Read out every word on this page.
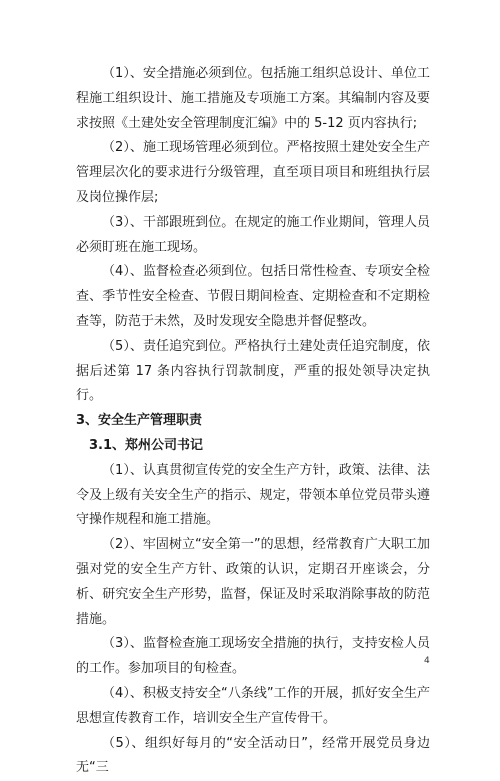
（1）、安全措施必须到位。包括施工组织总设计、单位工程施工组织设计、施工措施及专项施工方案。其编制内容及要求按照《土建处安全管理制度汇编》中的 5-12 页内容执行;

（2）、施工现场管理必须到位。严格按照土建处安全生产管理层次化的要求进行分级管理，直至项目项目和班组执行层及岗位操作层;

（3）、干部跟班到位。在规定的施工作业期间，管理人员必须盯班在施工现场。

（4）、监督检查必须到位。包括日常性检查、专项安全检查、季节性安全检查、节假日期间检查、定期检查和不定期检查等，防范于未然，及时发现安全隐患并督促整改。

（5）、责任追究到位。严格执行土建处责任追究制度，依据后述第 17 条内容执行罚款制度，严重的报处领导决定执行。

3、安全生产管理职责

3.1、郑州公司书记

（1）、认真贯彻宣传党的安全生产方针，政策、法律、法令及上级有关安全生产的指示、规定，带领本单位党员带头遵守操作规程和施工措施。

（2）、牢固树立“安全第一”的思想，经常教育广大职工加强对党的安全生产方针、政策的认识，定期召开座谈会，分析、研究安全生产形势，监督，保证及时采取消除事故的防范措施。

（3）、监督检查施工现场安全措施的执行，支持安检人员的工作。参加项目的旬检查。

（4）、积极支持安全“八条线”工作的开展，抓好安全生产思想宣传教育工作，培训安全生产宣传骨干。

（5）、组织好每月的“安全活动日”，经常开展党员身边无“三

4
